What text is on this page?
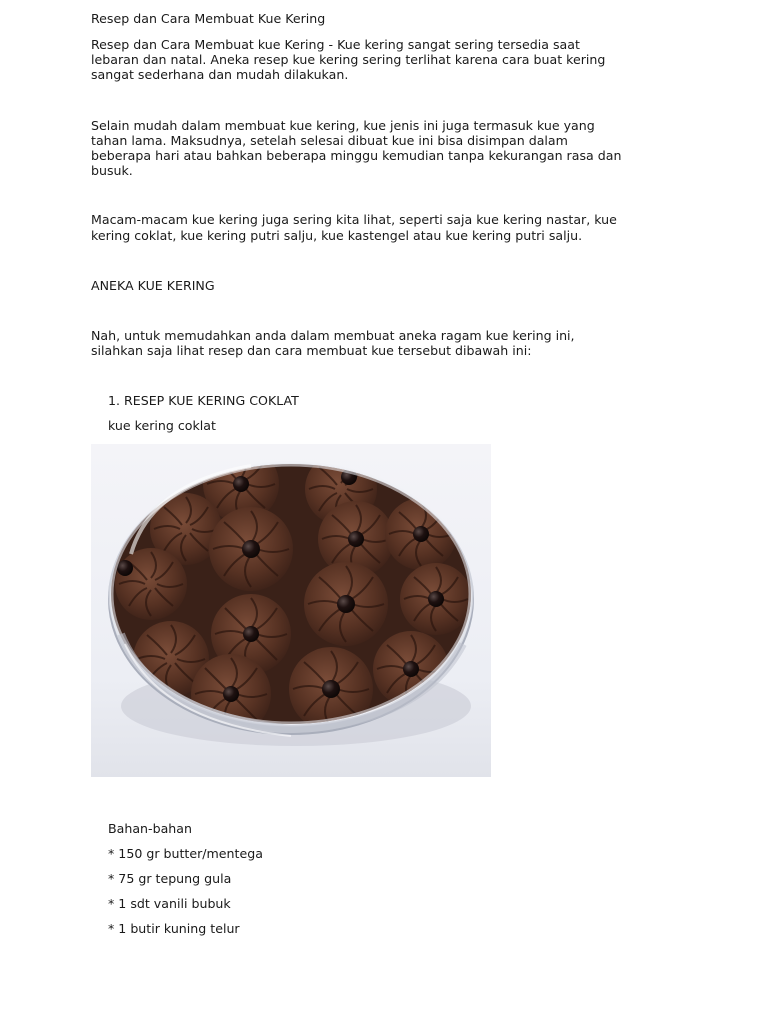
Resep dan Cara Membuat Kue Kering

Resep dan Cara Membuat kue Kering - Kue kering sangat sering tersedia saat

lebaran dan natal. Aneka resep kue kering sering terlihat karena cara buat kering

sangat sederhana dan mudah dilakukan.

Selain mudah dalam membuat kue kering, kue jenis ini juga termasuk kue yang

tahan lama. Maksudnya, setelah selesai dibuat kue ini bisa disimpan dalam

beberapa hari atau bahkan beberapa minggu kemudian tanpa kekurangan rasa dan

busuk.

Macam-macam kue kering juga sering kita lihat, seperti saja kue kering nastar, kue

kering coklat, kue kering putri salju, kue kastengel atau kue kering putri salju.

ANEKA KUE KERING

Nah, untuk memudahkan anda dalam membuat aneka ragam kue kering ini,

silahkan saja lihat resep dan cara membuat kue tersebut dibawah ini:

1. RESEP KUE KERING COKLAT

kue kering coklat

Bahan-bahan

* 150 gr butter/mentega

* 75 gr tepung gula

* 1 sdt vanili bubuk

* 1 butir kuning telur
